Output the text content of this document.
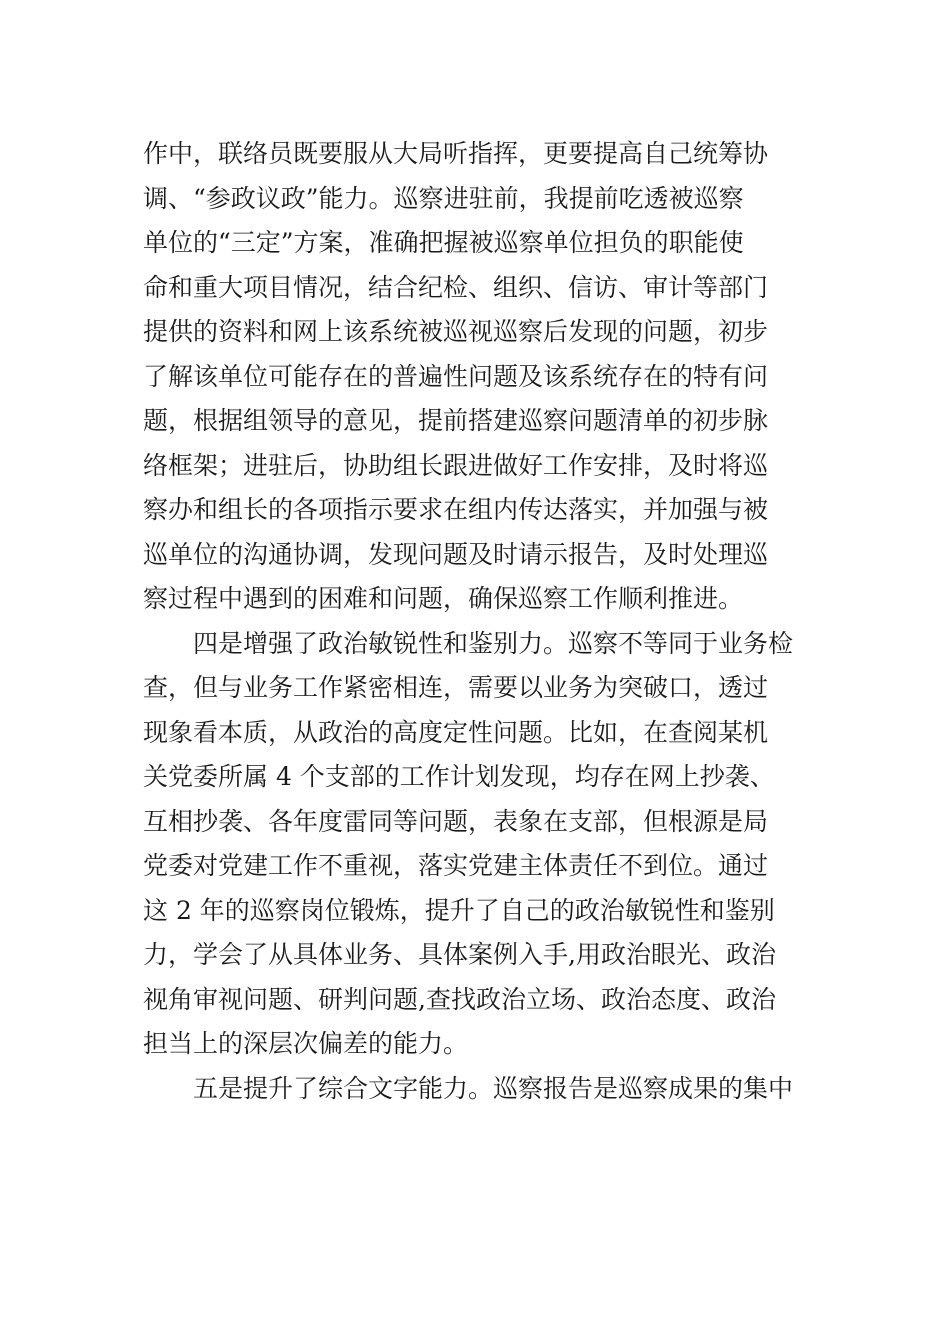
作中，联络员既要服从大局听指挥，更要提高自己统筹协
调、“参政议政”能力。巡察进驻前，我提前吃透被巡察
单位的“三定”方案，准确把握被巡察单位担负的职能使
命和重大项目情况，结合纪检、组织、信访、审计等部门
提供的资料和网上该系统被巡视巡察后发现的问题，初步
了解该单位可能存在的普遍性问题及该系统存在的特有问
题，根据组领导的意见，提前搭建巡察问题清单的初步脉
络框架；进驻后，协助组长跟进做好工作安排，及时将巡
察办和组长的各项指示要求在组内传达落实，并加强与被
巡单位的沟通协调，发现问题及时请示报告，及时处理巡
察过程中遇到的困难和问题，确保巡察工作顺利推进。
　　四是增强了政治敏锐性和鉴别力。巡察不等同于业务检
查，但与业务工作紧密相连，需要以业务为突破口，透过
现象看本质，从政治的高度定性问题。比如，在查阅某机
关党委所属 4 个支部的工作计划发现，均存在网上抄袭、
互相抄袭、各年度雷同等问题，表象在支部，但根源是局
党委对党建工作不重视，落实党建主体责任不到位。通过
这 2 年的巡察岗位锻炼，提升了自己的政治敏锐性和鉴别
力，学会了从具体业务、具体案例入手,用政治眼光、政治
视角审视问题、研判问题,查找政治立场、政治态度、政治
担当上的深层次偏差的能力。
　　五是提升了综合文字能力。巡察报告是巡察成果的集中
